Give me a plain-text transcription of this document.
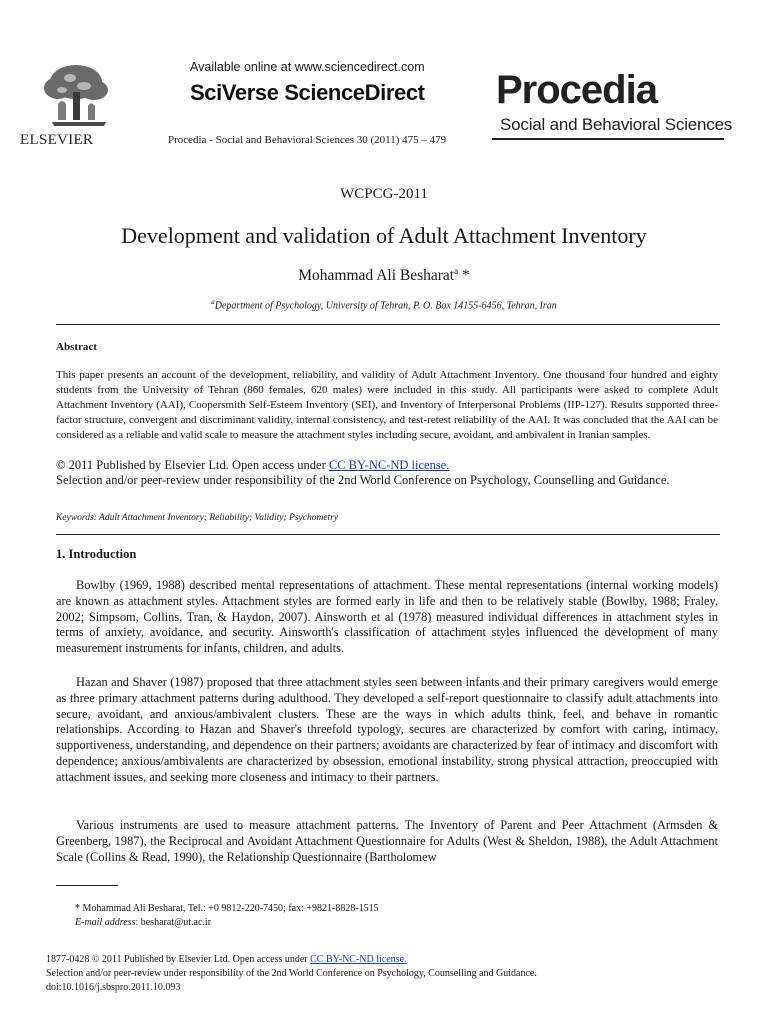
ELSEVIER
Available online at www.sciencedirect.com
SciVerse ScienceDirect
Procedia - Social and Behavioral Sciences 30 (2011) 475 – 479
Procedia
Social and Behavioral Sciences
WCPCG-2011
Development and validation of Adult Attachment Inventory
Mohammad Ali Besharat$^a$ *
$^a$Department of Psychology, University of Tehran, P. O. Box 14155-6456, Tehran, Iran
Abstract
This paper presents an account of the development, reliability, and validity of Adult Attachment Inventory. One thousand four hundred and eighty students from the University of Tehran (860 females, 620 males) were included in this study. All participants were asked to complete Adult Attachment Inventory (AAI), Coopersmith Self-Esteem Inventory (SEI), and Inventory of Interpersonal Problems (IIP-127). Results supported three-factor structure, convergent and discriminant validity, internal consistency, and test-retest reliability of the AAI. It was concluded that the AAI can be considered as a reliable and valid scale to measure the attachment styles including secure, avoidant, and ambivalent in Iranian samples.
© 2011 Published by Elsevier Ltd. Open access under CC BY-NC-ND license.
Selection and/or peer-review under responsibility of the 2nd World Conference on Psychology, Counselling and Guidance.
Keywords: Adult Attachment Inventory; Reliability; Validity; Psychometry
1. Introduction
Bowlby (1969, 1988) described mental representations of attachment. These mental representations (internal working models) are known as attachment styles. Attachment styles are formed early in life and then to be relatively stable (Bowlby, 1988; Fraley, 2002; Simpsom, Collins, Tran, & Haydon, 2007). Ainsworth et al (1978) measured individual differences in attachment styles in terms of anxiety, avoidance, and security. Ainsworth's classification of attachment styles influenced the development of many measurement instruments for infants, children, and adults.
Hazan and Shaver (1987) proposed that three attachment styles seen between infants and their primary caregivers would emerge as three primary attachment patterns during adulthood. They developed a self-report questionnaire to classify adult attachments into secure, avoidant, and anxious/ambivalent clusters. These are the ways in which adults think, feel, and behave in romantic relationships. According to Hazan and Shaver's threefold typology, secures are characterized by comfort with caring, intimacy, supportiveness, understanding, and dependence on their partners; avoidants are characterized by fear of intimacy and discomfort with dependence; anxious/ambivalents are characterized by obsession, emotional instability, strong physical attraction, preoccupied with attachment issues, and seeking more closeness and intimacy to their partners.
Various instruments are used to measure attachment patterns. The Inventory of Parent and Peer Attachment (Armsden & Greenberg, 1987), the Reciprocal and Avoidant Attachment Questionnaire for Adults (West & Sheldon, 1988), the Adult Attachment Scale (Collins & Read, 1990), the Relationship Questionnaire (Bartholomew
* Mohammad Ali Besharat, Tel.: +0 9812-220-7450; fax: +9821-8828-1515
E-mail address: besharat@ut.ac.ir
1877-0428 © 2011 Published by Elsevier Ltd. Open access under CC BY-NC-ND license.
Selection and/or peer-review under responsibility of the 2nd World Conference on Psychology, Counselling and Guidance.
doi:10.1016/j.sbspro.2011.10.093
